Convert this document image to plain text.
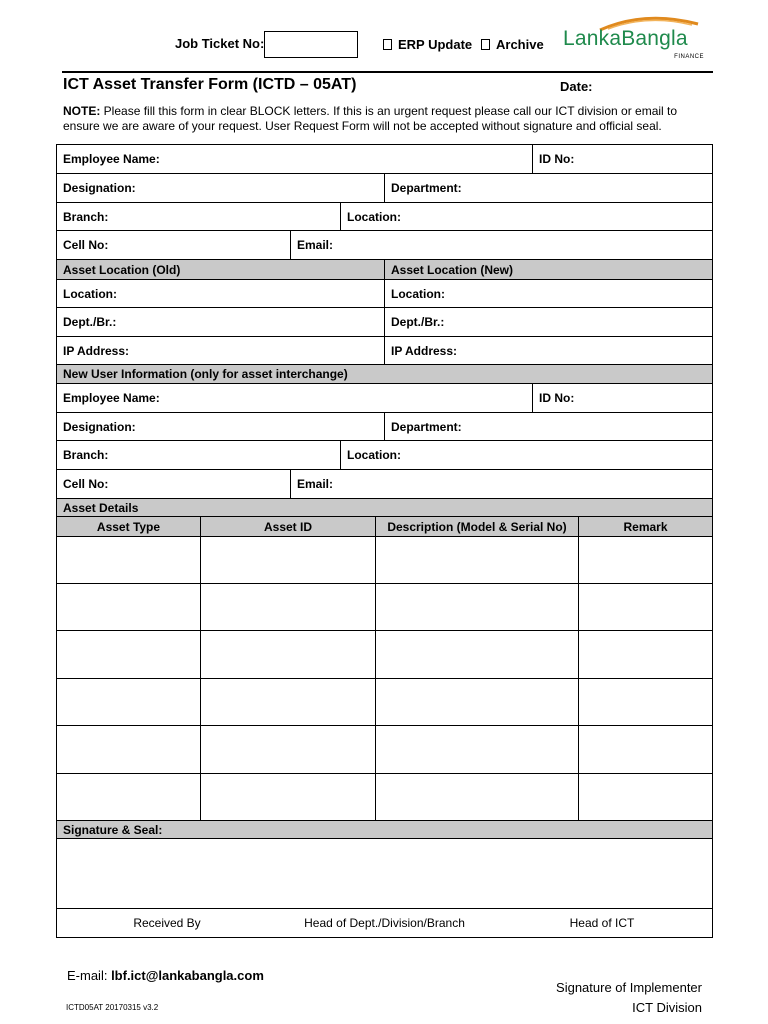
Job Ticket No:	ERP Update	Archive LankaBangla
FINANCE
ICT Asset Transfer Form (ICTD – 05AT)	Date:
NOTE: Please fill this form in clear BLOCK letters. If this is an urgent request please call our ICT division or email to ensure we are aware of your request. User Request Form will not be accepted without signature and official seal.
Employee Name:	ID No:
Designation:	Department:
Branch:	Location:
Cell No:	Email:
Asset Location (Old)	Asset Location (New)
Location:	Location:
Dept./Br.:	Dept./Br.:
IP Address:	IP Address:
New User Information (only for asset interchange)
Employee Name:	ID No:
Designation:	Department:
Branch:	Location:
Cell No:	Email:
Asset Details
Asset Type	Asset ID	Description (Model & Serial No)	Remark
Signature & Seal:
Received By	Head of Dept./Division/Branch	Head of ICT
E-mail: lbf.ict@lankabangla.com
ICTD05AT 20170315 v3.2
Signature of Implementer
ICT Division
